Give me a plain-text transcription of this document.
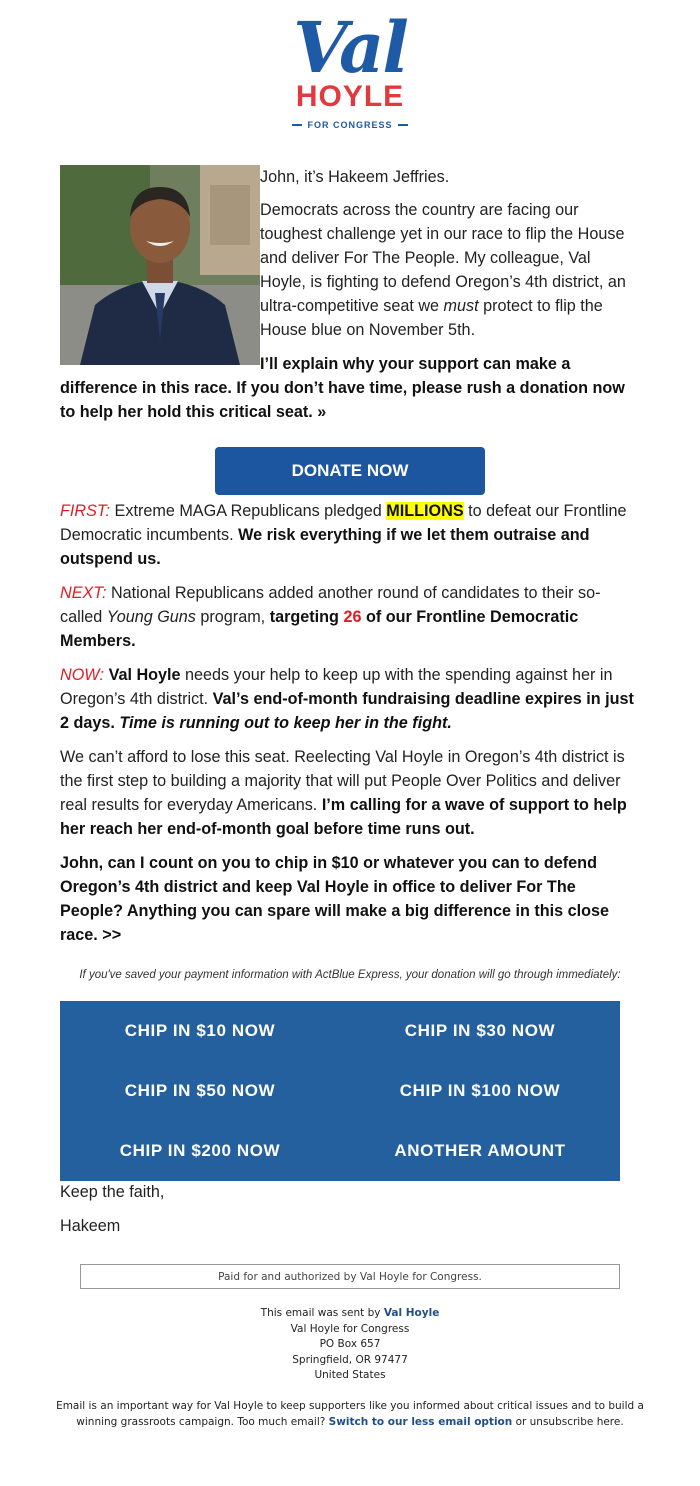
Val
HOYLE
FOR CONGRESS
John, it’s Hakeem Jeffries.
Democrats across the country are facing our toughest challenge yet in our race to flip the House and deliver For The People. My colleague, Val Hoyle, is fighting to defend Oregon’s 4th district, an ultra-competitive seat we must protect to flip the House blue on November 5th.
I’ll explain why your support can make a difference in this race. If you don’t have time, please rush a donation now to help her hold this critical seat. »
DONATE NOW
FIRST: Extreme MAGA Republicans pledged MILLIONS to defeat our Frontline Democratic incumbents. We risk everything if we let them outraise and outspend us.
NEXT: National Republicans added another round of candidates to their so-called Young Guns program, targeting 26 of our Frontline Democratic Members.
NOW: Val Hoyle needs your help to keep up with the spending against her in Oregon’s 4th district. Val’s end-of-month fundraising deadline expires in just 2 days. Time is running out to keep her in the fight.
We can’t afford to lose this seat. Reelecting Val Hoyle in Oregon’s 4th district is the first step to building a majority that will put People Over Politics and deliver real results for everyday Americans. I’m calling for a wave of support to help her reach her end-of-month goal before time runs out.
John, can I count on you to chip in $10 or whatever you can to defend Oregon’s 4th district and keep Val Hoyle in office to deliver For The People? Anything you can spare will make a big difference in this close race. >>
If you've saved your payment information with ActBlue Express, your donation will go through immediately:
CHIP IN $10 NOW	CHIP IN $30 NOW
CHIP IN $50 NOW	CHIP IN $100 NOW
CHIP IN $200 NOW	ANOTHER AMOUNT
Keep the faith,
Hakeem
Paid for and authorized by Val Hoyle for Congress.
This email was sent by Val Hoyle
Val Hoyle for Congress
PO Box 657
Springfield, OR 97477
United States
Email is an important way for Val Hoyle to keep supporters like you informed about critical issues and to build a winning grassroots campaign. Too much email? Switch to our less email option or unsubscribe here.
